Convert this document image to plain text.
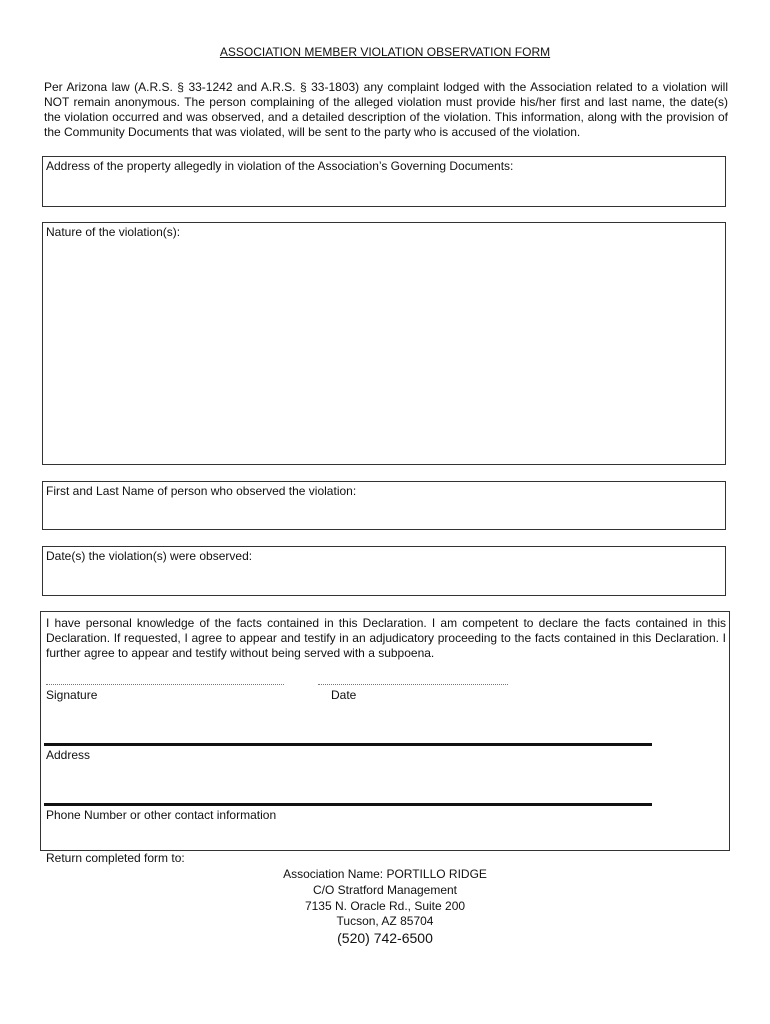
ASSOCIATION MEMBER VIOLATION OBSERVATION FORM
Per Arizona law (A.R.S. § 33-1242 and A.R.S. § 33-1803) any complaint lodged with the Association related to a violation will NOT remain anonymous. The person complaining of the alleged violation must provide his/her first and last name, the date(s) the violation occurred and was observed, and a detailed description of the violation. This information, along with the provision of the Community Documents that was violated, will be sent to the party who is accused of the violation.
Address of the property allegedly in violation of the Association’s Governing Documents:
Nature of the violation(s):
First and Last Name of person who observed the violation:
Date(s) the violation(s) were observed:
I have personal knowledge of the facts contained in this Declaration. I am competent to declare the facts contained in this Declaration. If requested, I agree to appear and testify in an adjudicatory proceeding to the facts contained in this Declaration. I further agree to appear and testify without being served with a subpoena.
Signature	Date
Address
Phone Number or other contact information
Return completed form to:
Association Name: PORTILLO RIDGE
C/O Stratford Management
7135 N. Oracle Rd., Suite 200
Tucson, AZ 85704
(520) 742-6500
